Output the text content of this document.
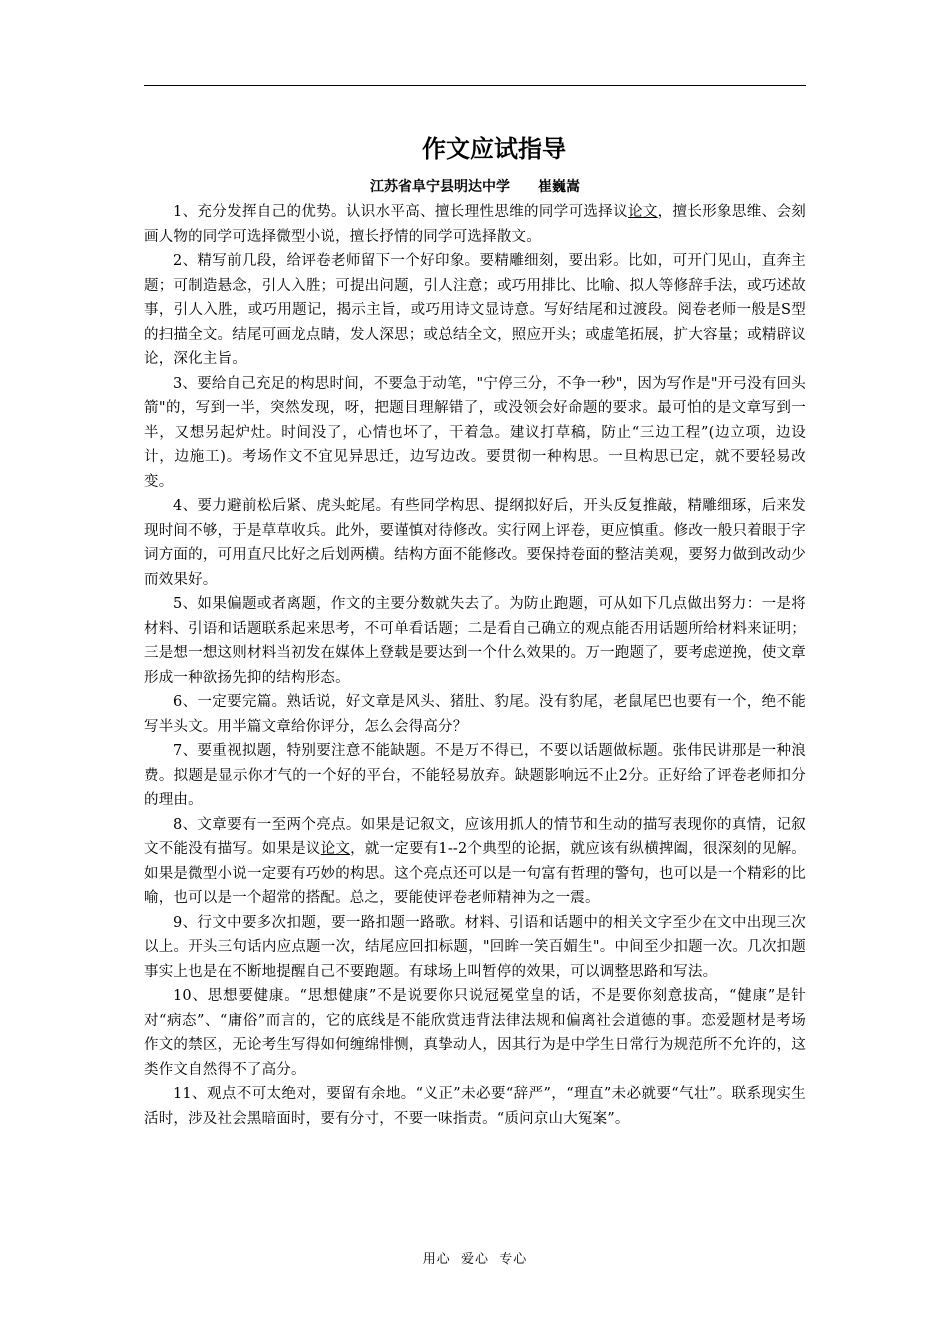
作文应试指导
江苏省阜宁县明达中学　　崔巍嵩

1、充分发挥自己的优势。认识水平高、擅长理性思维的同学可选择议论文，擅长形象思维、会刻画人物的同学可选择微型小说，擅长抒情的同学可选择散文。

2、精写前几段，给评卷老师留下一个好印象。要精雕细刻，要出彩。比如，可开门见山，直奔主题；可制造悬念，引人入胜；可提出问题，引人注意；或巧用排比、比喻、拟人等修辞手法，或巧述故事，引人入胜，或巧用题记，揭示主旨，或巧用诗文显诗意。写好结尾和过渡段。阅卷老师一般是S型的扫描全文。结尾可画龙点睛，发人深思；或总结全文，照应开头；或虚笔拓展，扩大容量；或精辟议论，深化主旨。

3、要给自己充足的构思时间，不要急于动笔，"宁停三分，不争一秒"，因为写作是"开弓没有回头箭"的，写到一半，突然发现，呀，把题目理解错了，或没领会好命题的要求。最可怕的是文章写到一半，又想另起炉灶。时间没了，心情也坏了，干着急。建议打草稿，防止“三边工程”(边立项，边设计，边施工)。考场作文不宜见异思迁，边写边改。要贯彻一种构思。一旦构思已定，就不要轻易改变。

4、要力避前松后紧、虎头蛇尾。有些同学构思、提纲拟好后，开头反复推敲，精雕细琢，后来发现时间不够，于是草草收兵。此外，要谨慎对待修改。实行网上评卷，更应慎重。修改一般只着眼于字词方面的，可用直尺比好之后划两横。结构方面不能修改。要保持卷面的整洁美观，要努力做到改动少而效果好。

5、如果偏题或者离题，作文的主要分数就失去了。为防止跑题，可从如下几点做出努力：一是将材料、引语和话题联系起来思考，不可单看话题；二是看自己确立的观点能否用话题所给材料来证明；三是想一想这则材料当初发在媒体上登载是要达到一个什么效果的。万一跑题了，要考虑逆挽，使文章形成一种欲扬先抑的结构形态。

6、一定要完篇。熟话说，好文章是风头、猪肚、豹尾。没有豹尾，老鼠尾巴也要有一个，绝不能写半头文。用半篇文章给你评分，怎么会得高分？

7、要重视拟题，特别要注意不能缺题。不是万不得已，不要以话题做标题。张伟民讲那是一种浪费。拟题是显示你才气的一个好的平台，不能轻易放弃。缺题影响远不止2分。正好给了评卷老师扣分的理由。

8、文章要有一至两个亮点。如果是记叙文，应该用抓人的情节和生动的描写表现你的真情，记叙文不能没有描写。如果是议论文，就一定要有1--2个典型的论据，就应该有纵横捭阖，很深刻的见解。如果是微型小说一定要有巧妙的构思。这个亮点还可以是一句富有哲理的警句，也可以是一个精彩的比喻，也可以是一个超常的搭配。总之，要能使评卷老师精神为之一震。

9、行文中要多次扣题，要一路扣题一路歌。材料、引语和话题中的相关文字至少在文中出现三次以上。开头三句话内应点题一次，结尾应回扣标题，"回眸一笑百媚生"。中间至少扣题一次。几次扣题事实上也是在不断地提醒自己不要跑题。有球场上叫暂停的效果，可以调整思路和写法。

10、思想要健康。“思想健康”不是说要你只说冠冕堂皇的话，不是要你刻意拔高，“健康”是针对“病态”、“庸俗”而言的，它的底线是不能欣赏违背法律法规和偏离社会道德的事。恋爱题材是考场作文的禁区，无论考生写得如何缠绵悱恻，真挚动人，因其行为是中学生日常行为规范所不允许的，这类作文自然得不了高分。

11、观点不可太绝对，要留有余地。“义正”未必要“辞严”，“理直”未必就要“气壮”。联系现实生活时，涉及社会黑暗面时，要有分寸，不要一味指责。“质问京山大冤案”。

用心  爱心  专心
